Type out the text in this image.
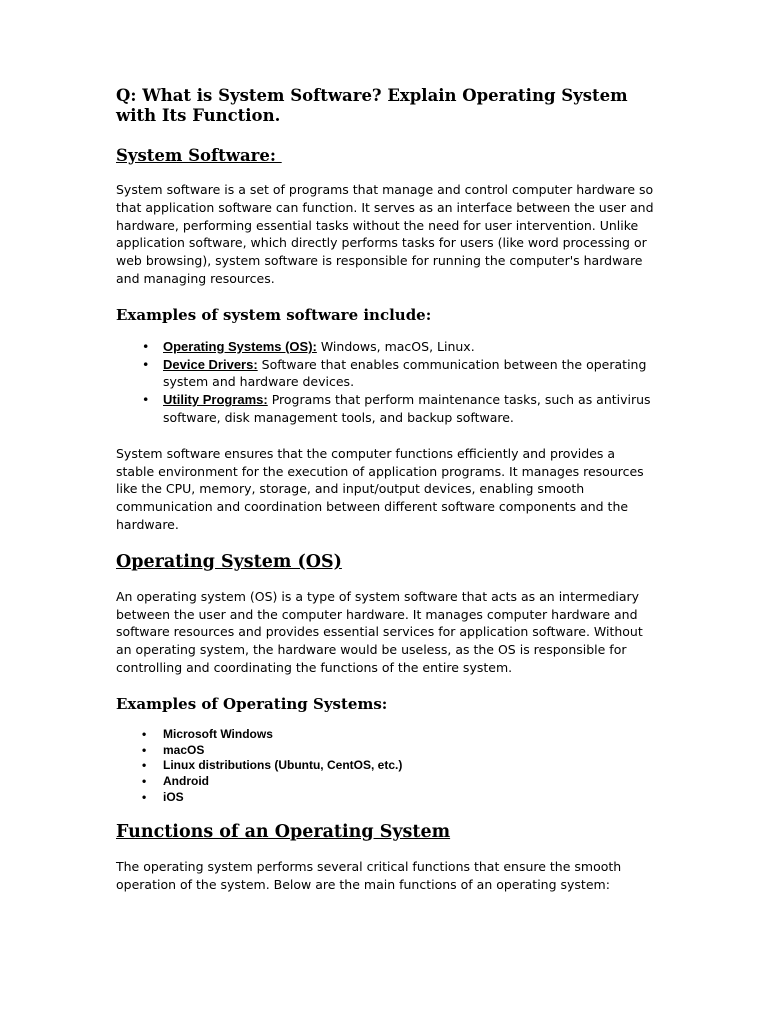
Q: What is System Software? Explain Operating System with Its Function.
System Software:

System software is a set of programs that manage and control computer hardware so that application software can function. It serves as an interface between the user and hardware, performing essential tasks without the need for user intervention. Unlike application software, which directly performs tasks for users (like word processing or web browsing), system software is responsible for running the computer's hardware and managing resources.

Examples of system software include:
• Operating Systems (OS): Windows, macOS, Linux.
• Device Drivers: Software that enables communication between the operating system and hardware devices.
• Utility Programs: Programs that perform maintenance tasks, such as antivirus software, disk management tools, and backup software.

System software ensures that the computer functions efficiently and provides a stable environment for the execution of application programs. It manages resources like the CPU, memory, storage, and input/output devices, enabling smooth communication and coordination between different software components and the hardware.

Operating System (OS)

An operating system (OS) is a type of system software that acts as an intermediary between the user and the computer hardware. It manages computer hardware and software resources and provides essential services for application software. Without an operating system, the hardware would be useless, as the OS is responsible for controlling and coordinating the functions of the entire system.

Examples of Operating Systems:
• Microsoft Windows
• macOS
• Linux distributions (Ubuntu, CentOS, etc.)
• Android
• iOS
Functions of an Operating System

The operating system performs several critical functions that ensure the smooth operation of the system. Below are the main functions of an operating system:
